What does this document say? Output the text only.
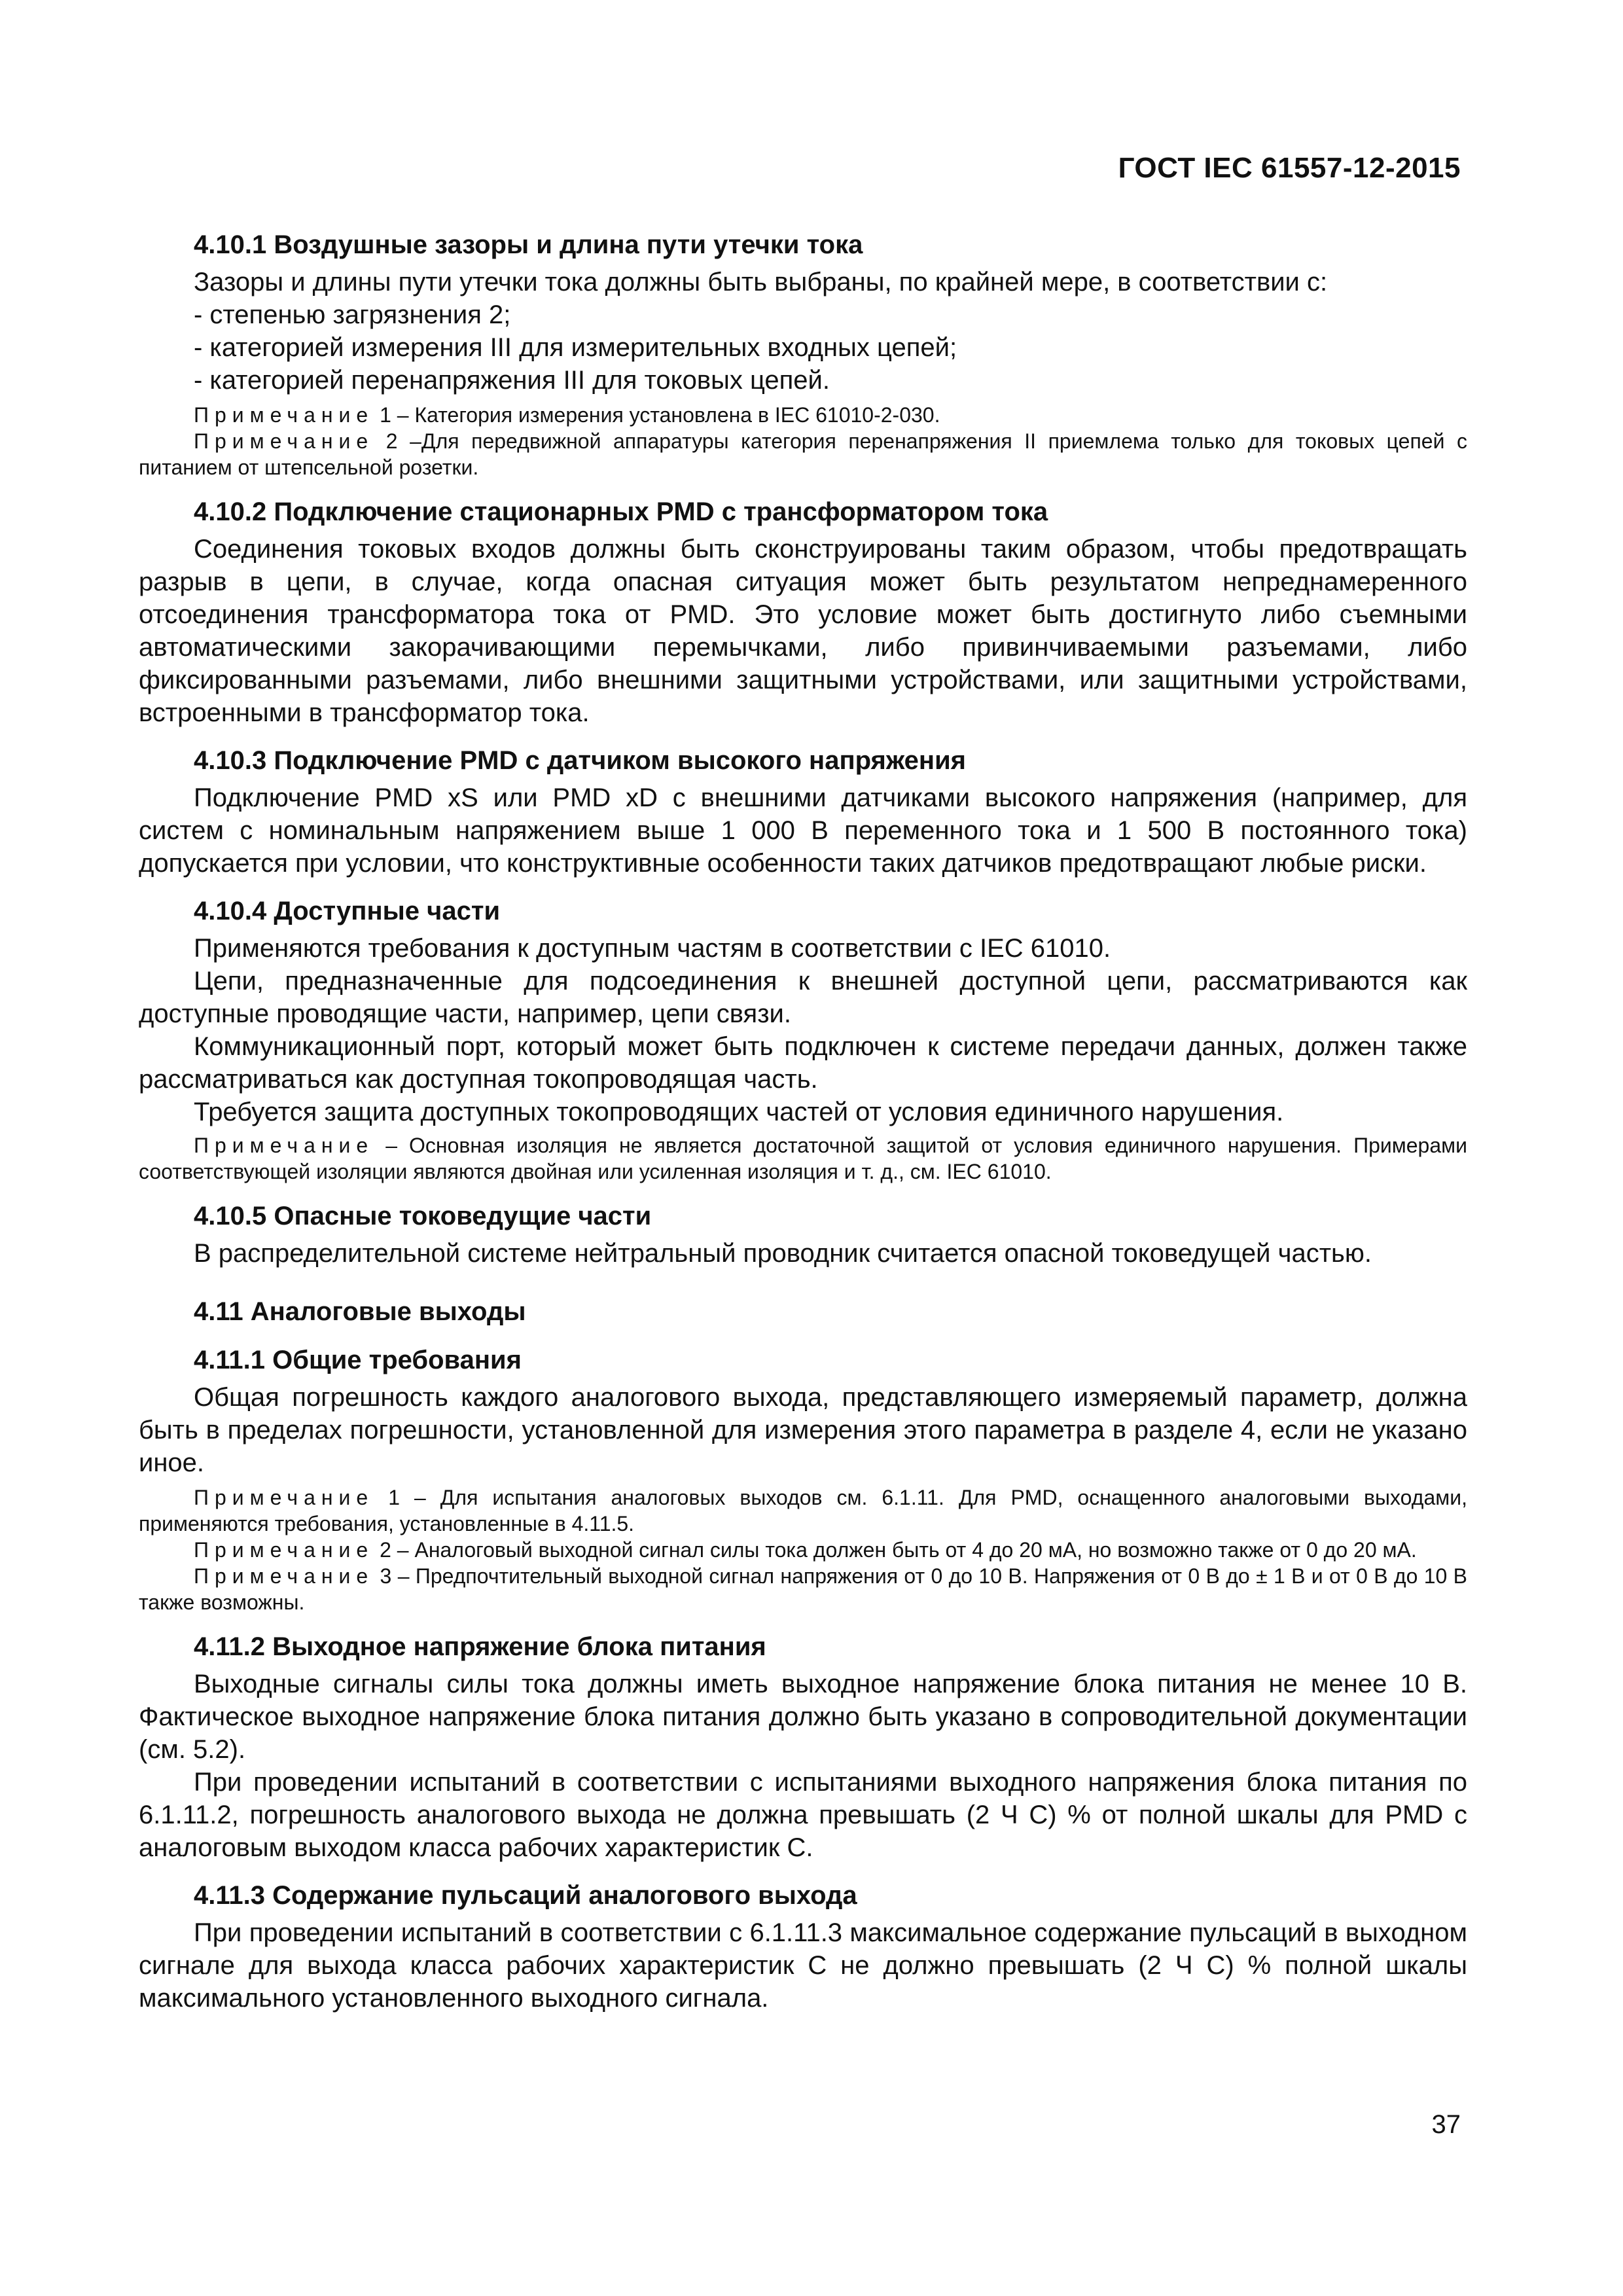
ГОСТ IEC 61557-12-2015

4.10.1 Воздушные зазоры и длина пути утечки тока

Зазоры и длины пути утечки тока должны быть выбраны, по крайней мере, в соответствии с:

- степенью загрязнения 2;

- категорией измерения III для измерительных входных цепей;

- категорией перенапряжения III для токовых цепей.

Примечание 1 – Категория измерения установлена в IEC 61010-2-030.

Примечание 2 –Для передвижной аппаратуры категория перенапряжения II приемлема только для токовых цепей с питанием от штепсельной розетки.

4.10.2 Подключение стационарных PMD с трансформатором тока

Соединения токовых входов должны быть сконструированы таким образом, чтобы предотвращать разрыв в цепи, в случае, когда опасная ситуация может быть результатом непреднамеренного отсоединения трансформатора тока от PMD. Это условие может быть достигнуто либо съемными автоматическими закорачивающими перемычками, либо привинчиваемыми разъемами, либо фиксированными разъемами, либо внешними защитными устройствами, или защитными устройствами, встроенными в трансформатор тока.

4.10.3 Подключение PMD с датчиком высокого напряжения

Подключение PMD xS или PMD xD с внешними датчиками высокого напряжения (например, для систем с номинальным напряжением выше 1 000 В переменного тока и 1 500 В постоянного тока) допускается при условии, что конструктивные особенности таких датчиков предотвращают любые риски.

4.10.4 Доступные части

Применяются требования к доступным частям в соответствии с IEC 61010.

Цепи, предназначенные для подсоединения к внешней доступной цепи, рассматриваются как доступные проводящие части, например, цепи связи.

Коммуникационный порт, который может быть подключен к системе передачи данных, должен также рассматриваться как доступная токопроводящая часть.

Требуется защита доступных токопроводящих частей от условия единичного нарушения.

Примечание – Основная изоляция не является достаточной защитой от условия единичного нарушения. Примерами соответствующей изоляции являются двойная или усиленная изоляция и т. д., см. IEC 61010.

4.10.5 Опасные токоведущие части

В распределительной системе нейтральный проводник считается опасной токоведущей частью.

4.11 Аналоговые выходы

4.11.1 Общие требования

Общая погрешность каждого аналогового выхода, представляющего измеряемый параметр, должна быть в пределах погрешности, установленной для измерения этого параметра в разделе 4, если не указано иное.

Примечание 1 – Для испытания аналоговых выходов см. 6.1.11. Для PMD, оснащенного аналоговыми выходами, применяются требования, установленные в 4.11.5.

Примечание 2 – Аналоговый выходной сигнал силы тока должен быть от 4 до 20 мА, но возможно также от 0 до 20 мА.

Примечание 3 – Предпочтительный выходной сигнал напряжения от 0 до 10 В. Напряжения от 0 В до ± 1 В и от 0 В до 10 В также возможны.

4.11.2 Выходное напряжение блока питания

Выходные сигналы силы тока должны иметь выходное напряжение блока питания не менее 10 В. Фактическое выходное напряжение блока питания должно быть указано в сопроводительной документации (см. 5.2).

При проведении испытаний в соответствии с испытаниями выходного напряжения блока питания по 6.1.11.2, погрешность аналогового выхода не должна превышать (2 Ч С) % от полной шкалы для PMD с аналоговым выходом класса рабочих характеристик С.

4.11.3 Содержание пульсаций аналогового выхода

При проведении испытаний в соответствии с 6.1.11.3 максимальное содержание пульсаций в выходном сигнале для выхода класса рабочих характеристик С не должно превышать (2 Ч С) % полной шкалы максимального установленного выходного сигнала.

37
